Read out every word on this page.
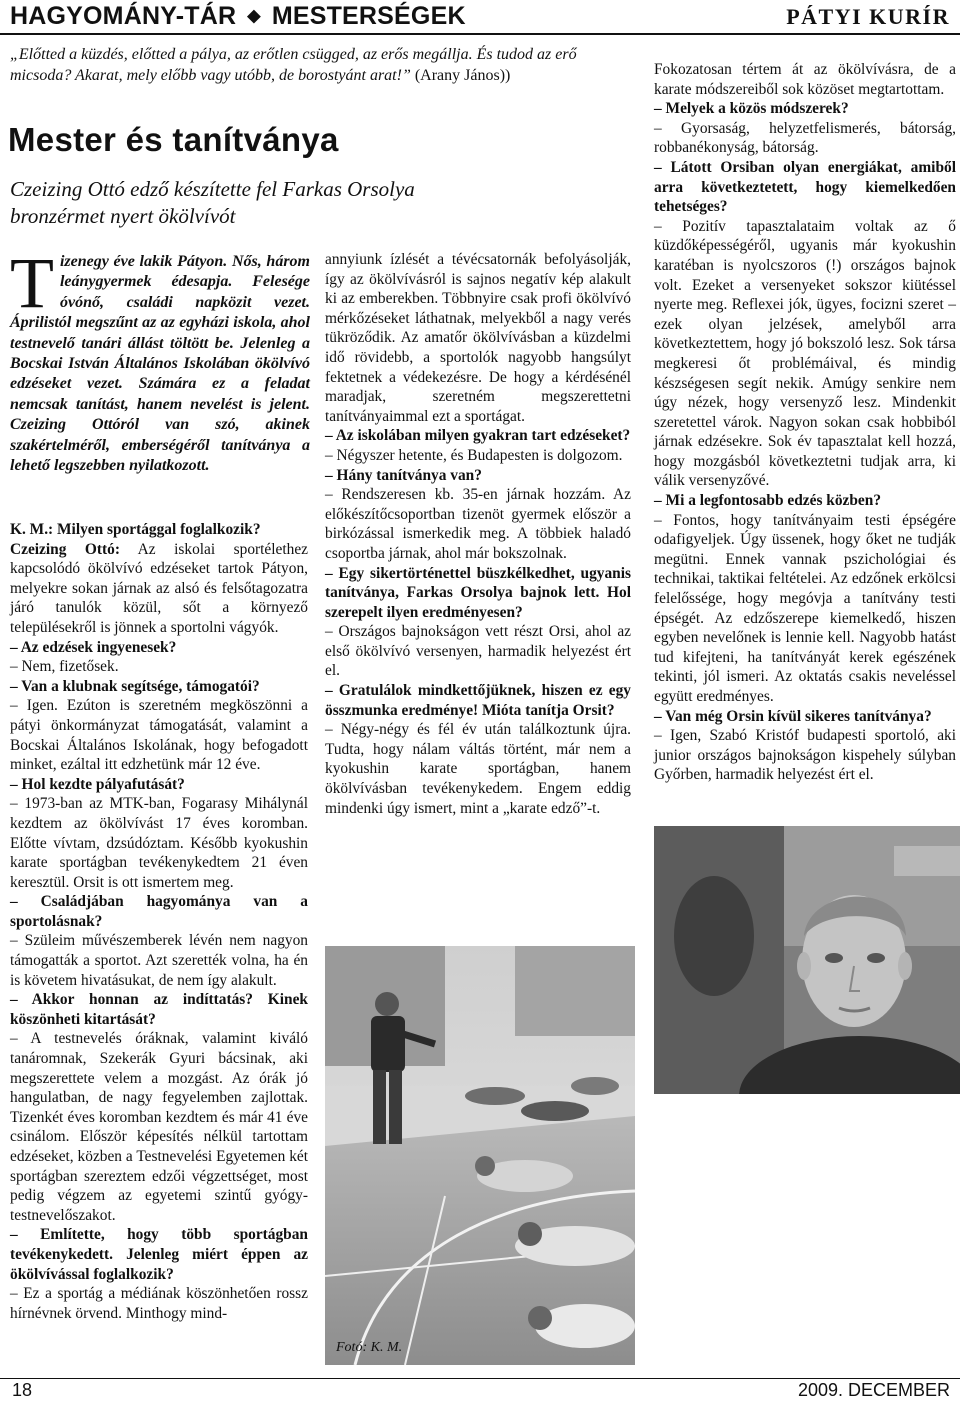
HAGYOMÁNY-TÁR ◆ MESTERSÉGEK	PÁTYI KURÍR
„Előtted a küzdés, előtted a pálya, az erőtlen csügged, az erős megállja. És tudod az erő micsoda? Akarat, mely előbb vagy utóbb, de borostyánt arat!” (Arany János))
Mester és tanítványa
Czeizing Ottó edző készítette fel Farkas Orsolya bronzérmet nyert ökölvívót
Tizenegy éve lakik Pátyon. Nős, három leánygyermek édesapja. Felesége óvónő, családi napközit vezet. Áprilistól megszűnt az az egyházi iskola, ahol testnevelő tanári állást töltött be. Jelenleg a Bocskai István Általános Iskolában ökölvívó edzéseket vezet. Számára ez a feladat nemcsak tanítást, hanem nevelést is jelent. Czeizing Ottóról van szó, akinek szakértelméről, emberségéről tanítványa a lehető legszebben nyilatkozott.

K. M.: Milyen sportággal foglalkozik?

Czeizing Ottó: Az iskolai sportélethez kapcsolódó ökölvívó edzéseket tartok Pátyon, melyekre sokan járnak az alsó és felsőtagozatra járó tanulók közül, sőt a környező településekről is jönnek a sportolni vágyók.

– Az edzések ingyenesek?

– Nem, fizetősek.

– Van a klubnak segítsége, támogatói?

– Igen. Ezúton is szeretném megköszönni a pátyi önkormányzat támogatását, valamint a Bocskai Általános Iskolának, hogy befogadott minket, ezáltal itt edzhetünk már 12 éve.

– Hol kezdte pályafutását?

– 1973-ban az MTK-ban, Fogarasy Mihálynál kezdtem az ökölvívást 17 éves koromban. Előtte vívtam, dzsúdóztam. Később kyokushin karate sportágban tevékenykedtem 21 éven keresztül. Orsit is ott ismertem meg.

– Családjában hagyománya van a sportolásnak?

– Szüleim művészemberek lévén nem nagyon támogatták a sportot. Azt szerették volna, ha én is követem hivatásukat, de nem így alakult.

– Akkor honnan az indíttatás? Kinek köszönheti kitartását?

– A testnevelés óráknak, valamint kiváló tanáromnak, Szekerák Gyuri bácsinak, aki megszerettete velem a mozgást. Az órák jó hangulatban, de nagy fegyelemben zajlottak. Tizenkét éves koromban kezdtem és már 41 éve csinálom. Először képesítés nélkül tartottam edzéseket, közben a Testnevelési Egyetemen két sportágban szereztem edzői végzettséget, most pedig végzem az egyetemi szintű gyógy-testnevelőszakot.

– Említette, hogy több sportágban tevékenykedett. Jelenleg miért éppen az ökölvívással foglalkozik?

– Ez a sportág a médiának köszönhetően rossz hírnévnek örvend. Minthogy mind-

annyiunk ízlését a tévécsatornák befolyásolják, így az ökölvívásról is sajnos negatív kép alakult ki az emberekben. Többnyire csak profi ökölvívó mérkőzéseket láthatnak, melyekből a nagy verés tükröződik. Az amatőr ökölvívásban a küzdelmi idő rövidebb, a sportolók nagyobb hangsúlyt fektetnek a védekezésre. De hogy a kérdésénél maradjak, szeretném megszerettetni tanítványaimmal ezt a sportágat.

– Az iskolában milyen gyakran tart edzéseket?

– Négyszer hetente, és Budapesten is dolgozom.

– Hány tanítványa van?

– Rendszeresen kb. 35-en járnak hozzám. Az előkészítőcsoportban tizenöt gyermek először a birkózással ismerkedik meg. A többiek haladó csoportba járnak, ahol már bokszolnak.

– Egy sikertörténettel büszkélkedhet, ugyanis tanítványa, Farkas Orsolya bajnok lett. Hol szerepelt ilyen eredményesen?

– Országos bajnokságon vett részt Orsi, ahol az első ökölvívó versenyen, harmadik helyezést ért el.

– Gratulálok mindkettőjüknek, hiszen ez egy összmunka eredménye! Mióta tanítja Orsit?

– Négy-négy és fél év után találkoztunk újra. Tudta, hogy nálam váltás történt, már nem a kyokushin karate sportágban, hanem ökölvívásban tevékenykedem. Engem eddig mindenki úgy ismert, mint a „karate edző”-t.

Fokozatosan tértem át az ökölvívásra, de a karate módszereiből sok közöset megtartottam.

– Melyek a közös módszerek?

– Gyorsaság, helyzetfelismerés, bátorság, robbanékonyság, bátorság.

– Látott Orsiban olyan energiákat, amiből arra következtetett, hogy kiemelkedően tehetséges?

– Pozitív tapasztalataim voltak az ő küzdőképességéről, ugyanis már kyokushin karatéban is nyolcszoros (!) országos bajnok volt. Ezeket a versenyeket sokszor kiütéssel nyerte meg. Reflexei jók, ügyes, focizni szeret – ezek olyan jelzések, amelyből arra következtettem, hogy jó bokszoló lesz. Sok társa megkeresi őt problémáival, és mindig készségesen segít nekik. Amúgy senkire nem úgy nézek, hogy versenyző lesz. Mindenkit szeretettel várok. Nagyon sokan csak hobbiból járnak edzésekre. Sok év tapasztalat kell hozzá, hogy mozgásból következtetni tudjak arra, ki válik versenyzővé.

– Mi a legfontosabb edzés közben?

– Fontos, hogy tanítványaim testi épségére odafigyeljek. Úgy üssenek, hogy őket ne tudják megütni. Ennek vannak pszichológiai és technikai, taktikai feltételei. Az edzőnek erkölcsi felelőssége, hogy megóvja a tanítvány testi épségét. Az edzőszerepe kiemelkedő, hiszen egyben nevelőnek is lennie kell. Nagyobb hatást tud kifejteni, ha tanítványát kerek egészének tekinti, jól ismeri. Az oktatás csakis neveléssel együtt eredményes.

– Van még Orsin kívül sikeres tanítványa?

– Igen, Szabó Kristóf budapesti sportoló, aki junior országos bajnokságon kispehely súlyban Győrben, harmadik helyezést ért el.

Fotó: K. M.
18	2009. DECEMBER
